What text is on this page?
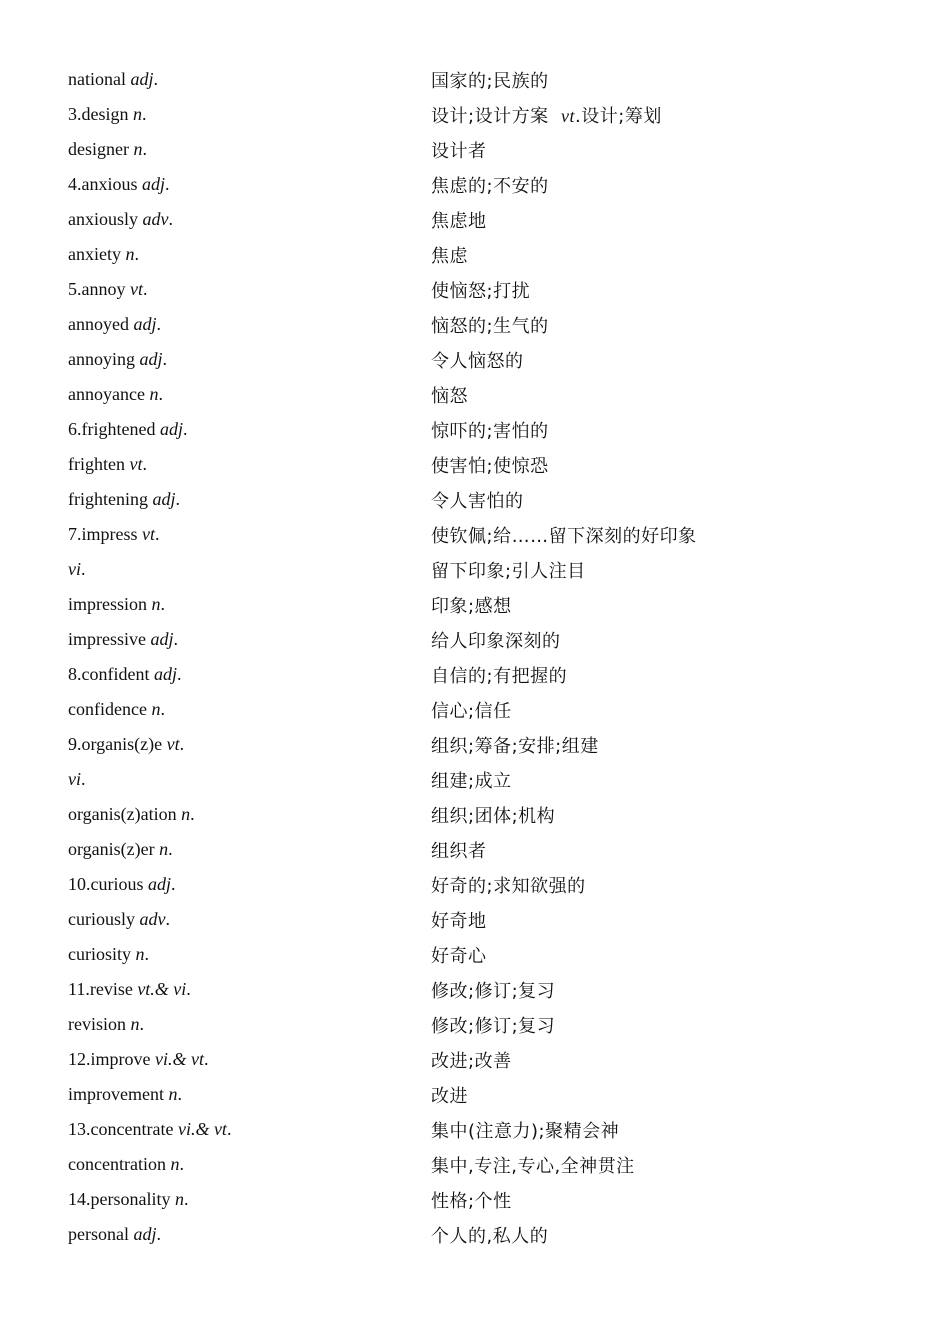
national adj.	国家的;民族的
3.design n.	设计;设计方案 vt.设计;筹划
designer n.	设计者
4.anxious adj.	焦虑的;不安的
anxiously adv.	焦虑地
anxiety n.	焦虑
5.annoy vt.	使恼怒;打扰
annoyed adj.	恼怒的;生气的
annoying adj.	令人恼怒的
annoyance n.	恼怒
6.frightened adj.	惊吓的;害怕的
frighten vt.	使害怕;使惊恐
frightening adj.	令人害怕的
7.impress vt.	使钦佩;给……留下深刻的好印象
vi.	留下印象;引人注目
impression n.	印象;感想
impressive adj.	给人印象深刻的
8.confident adj.	自信的;有把握的
confidence n.	信心;信任
9.organis(z)e vt.	组织;筹备;安排;组建
vi.	组建;成立
organis(z)ation n.	组织;团体;机构
organis(z)er n.	组织者
10.curious adj.	好奇的;求知欲强的
curiously adv.	好奇地
curiosity n.	好奇心
11.revise vt.& vi.	修改;修订;复习
revision n.	修改;修订;复习
12.improve vi.& vt.	改进;改善
improvement n.	改进
13.concentrate vi.& vt.	集中(注意力);聚精会神
concentration n.	集中,专注,专心,全神贯注
14.personality n.	性格;个性
personal adj.	个人的,私人的
